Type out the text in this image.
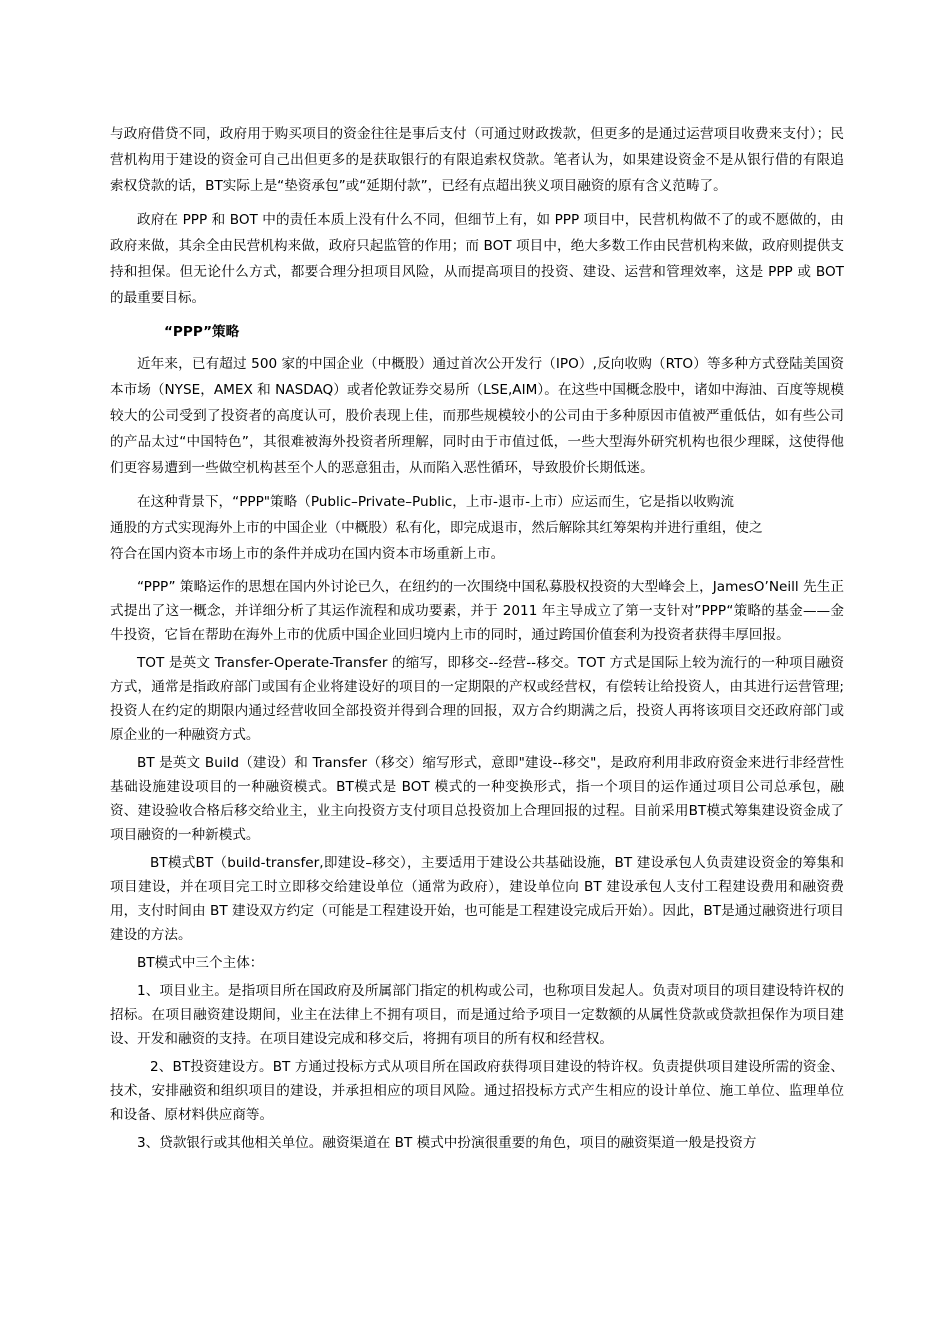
与政府借贷不同，政府用于购买项目的资金往往是事后支付（可通过财政拨款，但更多的是通过运营项目收费来支付）；民营机构用于建设的资金可自己出但更多的是获取银行的有限追索权贷款。笔者认为，如果建设资金不是从银行借的有限追索权贷款的话，BT实际上是“垫资承包”或“延期付款”，已经有点超出狭义项目融资的原有含义范畴了。

政府在 PPP 和 BOT 中的责任本质上没有什么不同，但细节上有，如 PPP 项目中，民营机构做不了的或不愿做的，由政府来做，其余全由民营机构来做，政府只起监管的作用；而 BOT 项目中，绝大多数工作由民营机构来做，政府则提供支持和担保。但无论什么方式，都要合理分担项目风险，从而提高项目的投资、建设、运营和管理效率，这是 PPP 或 BOT 的最重要目标。

“PPP”策略

近年来，已有超过 500 家的中国企业（中概股）通过首次公开发行（IPO）,反向收购（RTO）等多种方式登陆美国资本市场（NYSE，AMEX 和 NASDAQ）或者伦敦证券交易所（LSE,AIM）。在这些中国概念股中，诸如中海油、百度等规模较大的公司受到了投资者的高度认可，股价表现上佳，而那些规模较小的公司由于多种原因市值被严重低估，如有些公司的产品太过“中国特色”，其很难被海外投资者所理解，同时由于市值过低，一些大型海外研究机构也很少理睬，这使得他们更容易遭到一些做空机构甚至个人的恶意狙击，从而陷入恶性循环，导致股价长期低迷。

在这种背景下，“PPP"策略（Public–Private–Public，上市-退市-上市）应运而生，它是指以收购流
通股的方式实现海外上市的中国企业（中概股）私有化，即完成退市，然后解除其红筹架构并进行重组，使之
符合在国内资本市场上市的条件并成功在国内资本市场重新上市。

“PPP” 策略运作的思想在国内外讨论已久，在纽约的一次围绕中国私募股权投资的大型峰会上，JamesO’Neill 先生正式提出了这一概念，并详细分析了其运作流程和成功要素，并于 2011 年主导成立了第一支针对”PPP“策略的基金——金牛投资，它旨在帮助在海外上市的优质中国企业回归境内上市的同时，通过跨国价值套利为投资者获得丰厚回报。

TOT 是英文 Transfer-Operate-Transfer 的缩写，即移交--经营--移交。TOT 方式是国际上较为流行的一种项目融资方式，通常是指政府部门或国有企业将建设好的项目的一定期限的产权或经营权，有偿转让给投资人，由其进行运营管理;投资人在约定的期限内通过经营收回全部投资并得到合理的回报，双方合约期满之后，投资人再将该项目交还政府部门或原企业的一种融资方式。

BT 是英文 Build（建设）和 Transfer（移交）缩写形式，意即"建设--移交"，是政府利用非政府资金来进行非经营性基础设施建设项目的一种融资模式。BT模式是 BOT 模式的一种变换形式，指一个项目的运作通过项目公司总承包，融资、建设验收合格后移交给业主，业主向投资方支付项目总投资加上合理回报的过程。目前采用BT模式筹集建设资金成了项目融资的一种新模式。

BT模式BT（build-transfer,即建设–移交），主要适用于建设公共基础设施，BT 建设承包人负责建设资金的筹集和项目建设，并在项目完工时立即移交给建设单位（通常为政府），建设单位向 BT 建设承包人支付工程建设费用和融资费用，支付时间由 BT 建设双方约定（可能是工程建设开始，也可能是工程建设完成后开始）。因此，BT是通过融资进行项目建设的方法。

BT模式中三个主体：

1、项目业主。是指项目所在国政府及所属部门指定的机构或公司，也称项目发起人。负责对项目的项目建设特许权的招标。在项目融资建设期间，业主在法律上不拥有项目，而是通过给予项目一定数额的从属性贷款或贷款担保作为项目建设、开发和融资的支持。在项目建设完成和移交后，将拥有项目的所有权和经营权。

2、BT投资建设方。BT 方通过投标方式从项目所在国政府获得项目建设的特许权。负责提供项目建设所需的资金、技术，安排融资和组织项目的建设，并承担相应的项目风险。通过招投标方式产生相应的设计单位、施工单位、监理单位和设备、原材料供应商等。

3、贷款银行或其他相关单位。融资渠道在 BT 模式中扮演很重要的角色，项目的融资渠道一般是投资方
